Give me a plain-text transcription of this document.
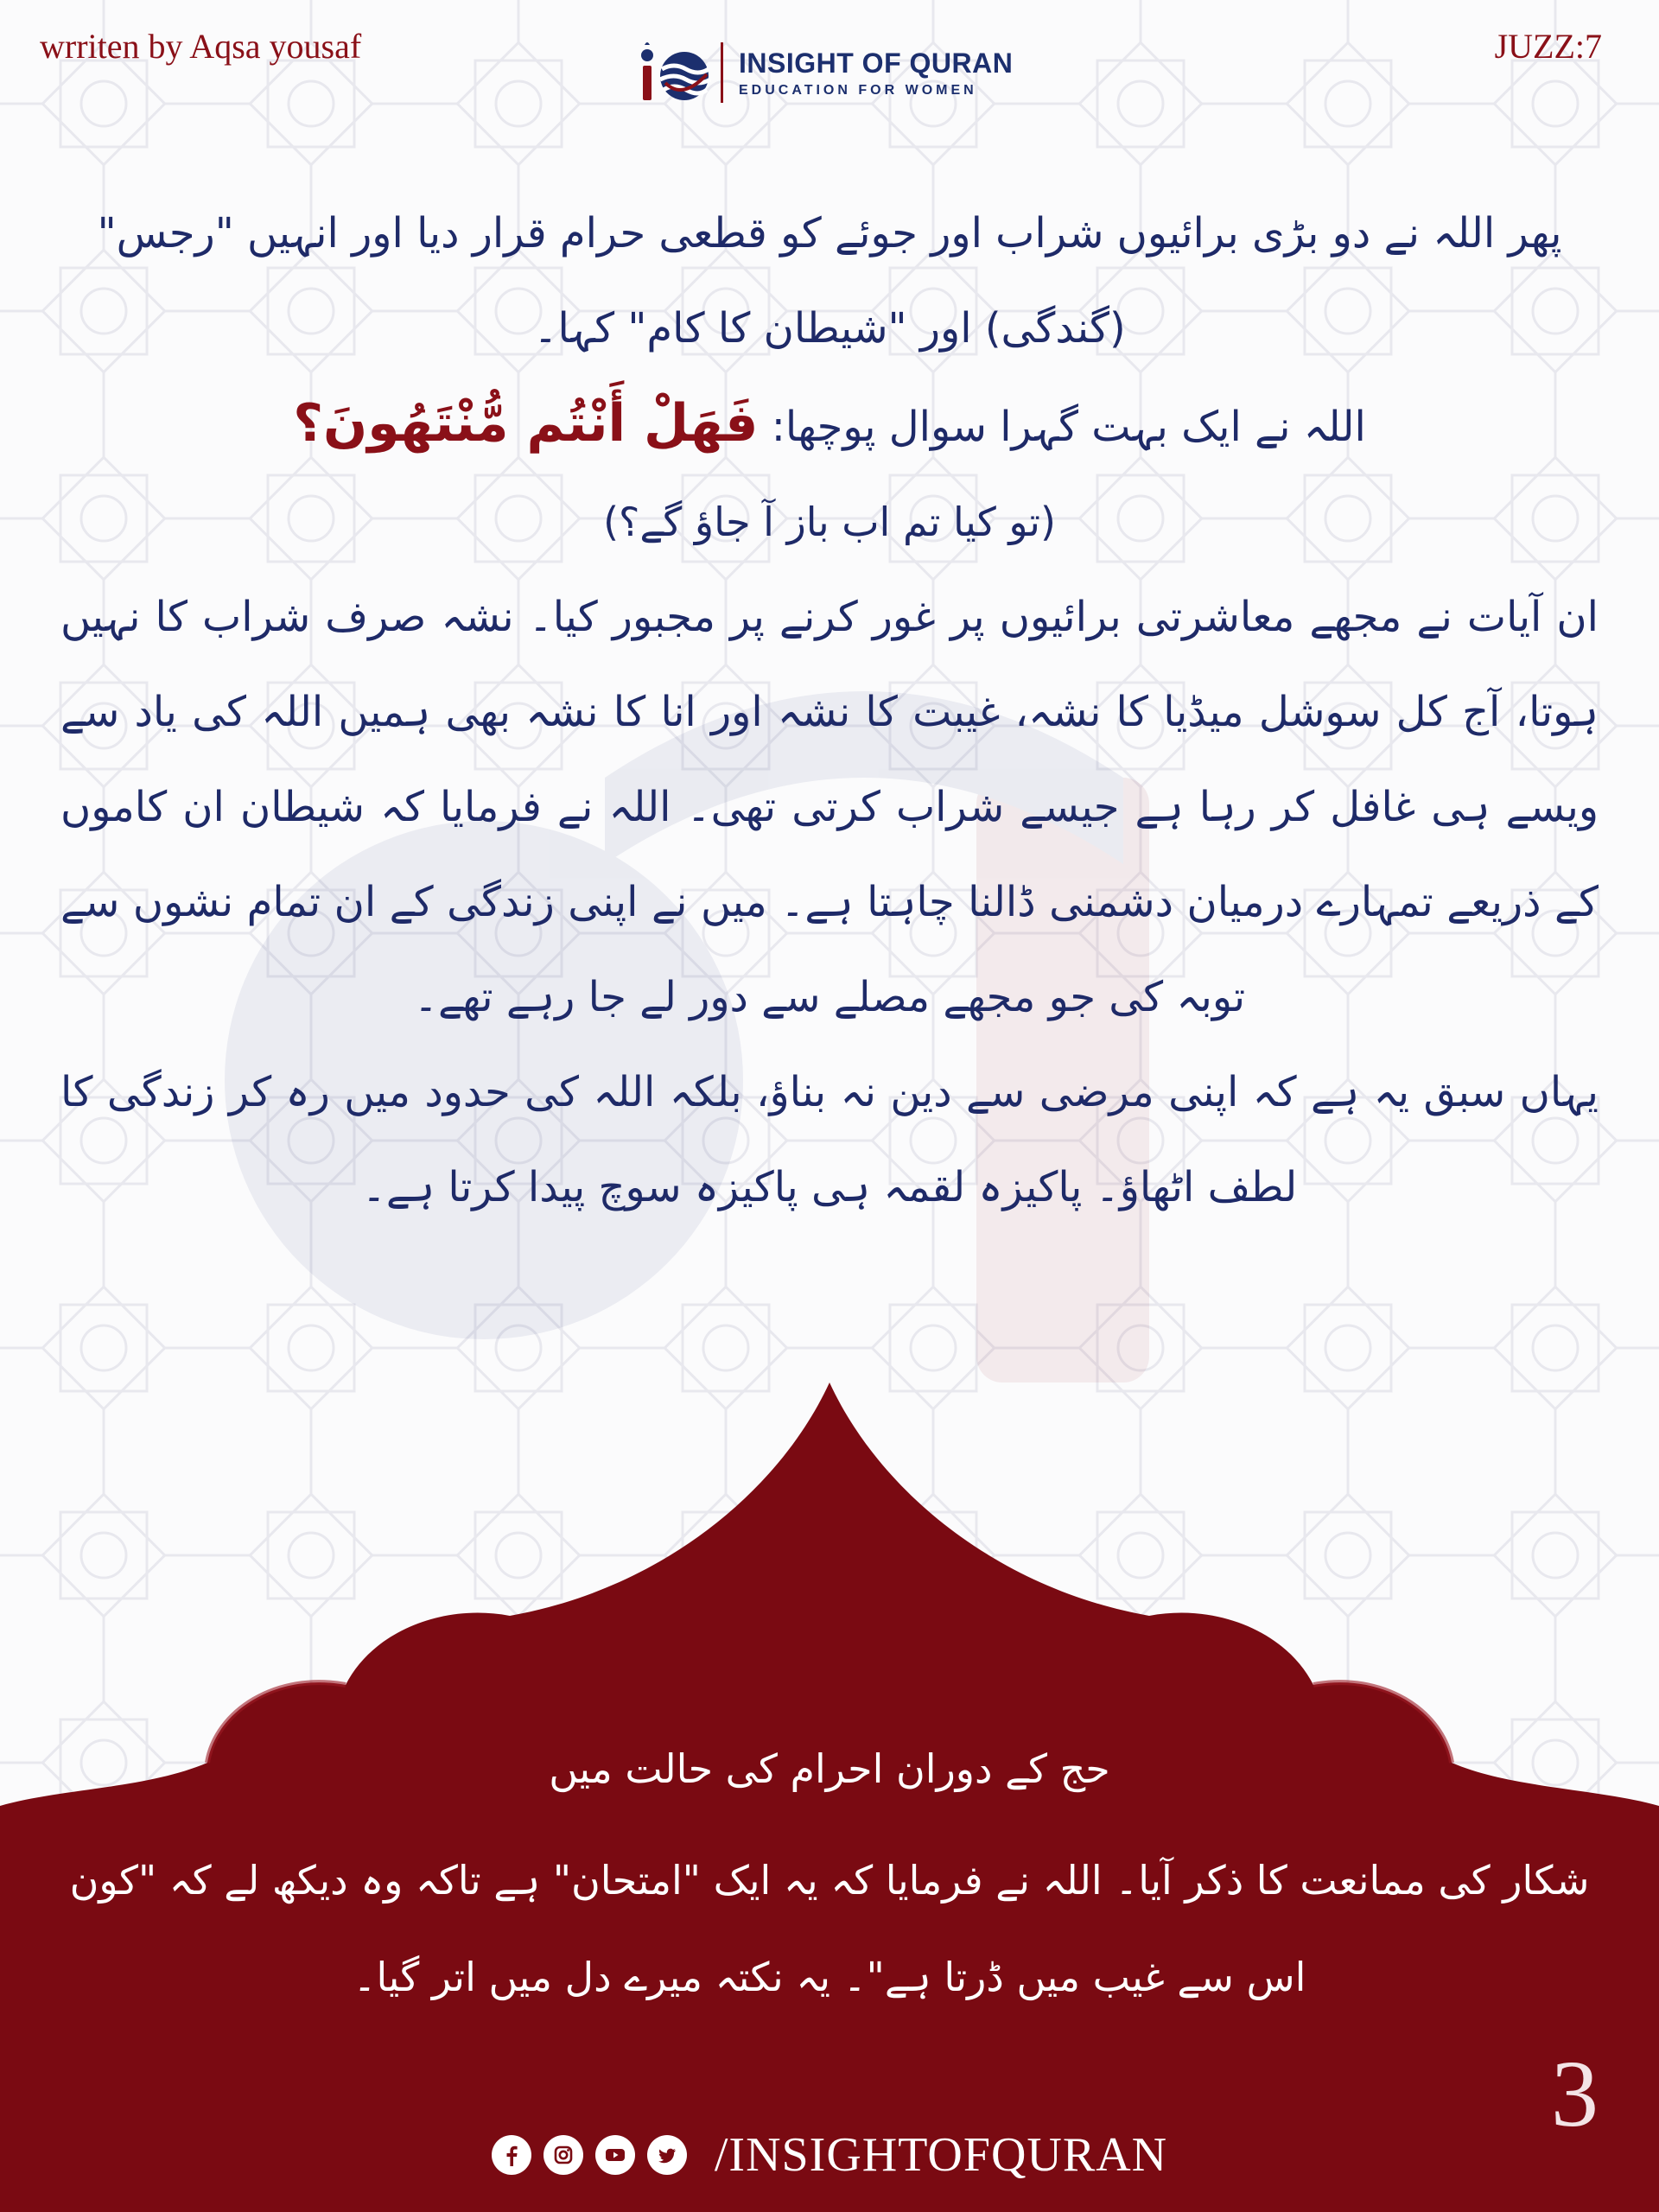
wrriten by Aqsa yousaf	JUZZ:7
INSIGHT OF QURAN
EDUCATION FOR WOMEN

پھر اللہ نے دو بڑی برائیوں شراب اور جوئے کو قطعی حرام قرار دیا اور انہیں "رجس" (گندگی) اور "شیطان کا کام" کہا۔

اللہ نے ایک بہت گہرا سوال پوچھا: فَهَلْ أَنْتُم مُّنْتَهُونَ؟

(تو کیا تم اب باز آ جاؤ گے؟)

ان آیات نے مجھے معاشرتی برائیوں پر غور کرنے پر مجبور کیا۔ نشہ صرف شراب کا نہیں ہوتا، آج کل سوشل میڈیا کا نشہ، غیبت کا نشہ اور انا کا نشہ بھی ہمیں اللہ کی یاد سے ویسے ہی غافل کر رہا ہے جیسے شراب کرتی تھی۔ اللہ نے فرمایا کہ شیطان ان کاموں کے ذریعے تمہارے درمیان دشمنی ڈالنا چاہتا ہے۔ میں نے اپنی زندگی کے ان تمام نشوں سے توبہ کی جو مجھے مصلے سے دور لے جا رہے تھے۔

یہاں سبق یہ ہے کہ اپنی مرضی سے دین نہ بناؤ، بلکہ اللہ کی حدود میں رہ کر زندگی کا لطف اٹھاؤ۔ پاکیزہ لقمہ ہی پاکیزہ سوچ پیدا کرتا ہے۔

حج کے دوران احرام کی حالت میں
شکار کی ممانعت کا ذکر آیا۔ اللہ نے فرمایا کہ یہ ایک "امتحان" ہے تاکہ وہ دیکھ لے کہ "کون اس سے غیب میں ڈرتا ہے"۔ یہ نکتہ میرے دل میں اتر گیا۔
3
/INSIGHTOFQURAN
